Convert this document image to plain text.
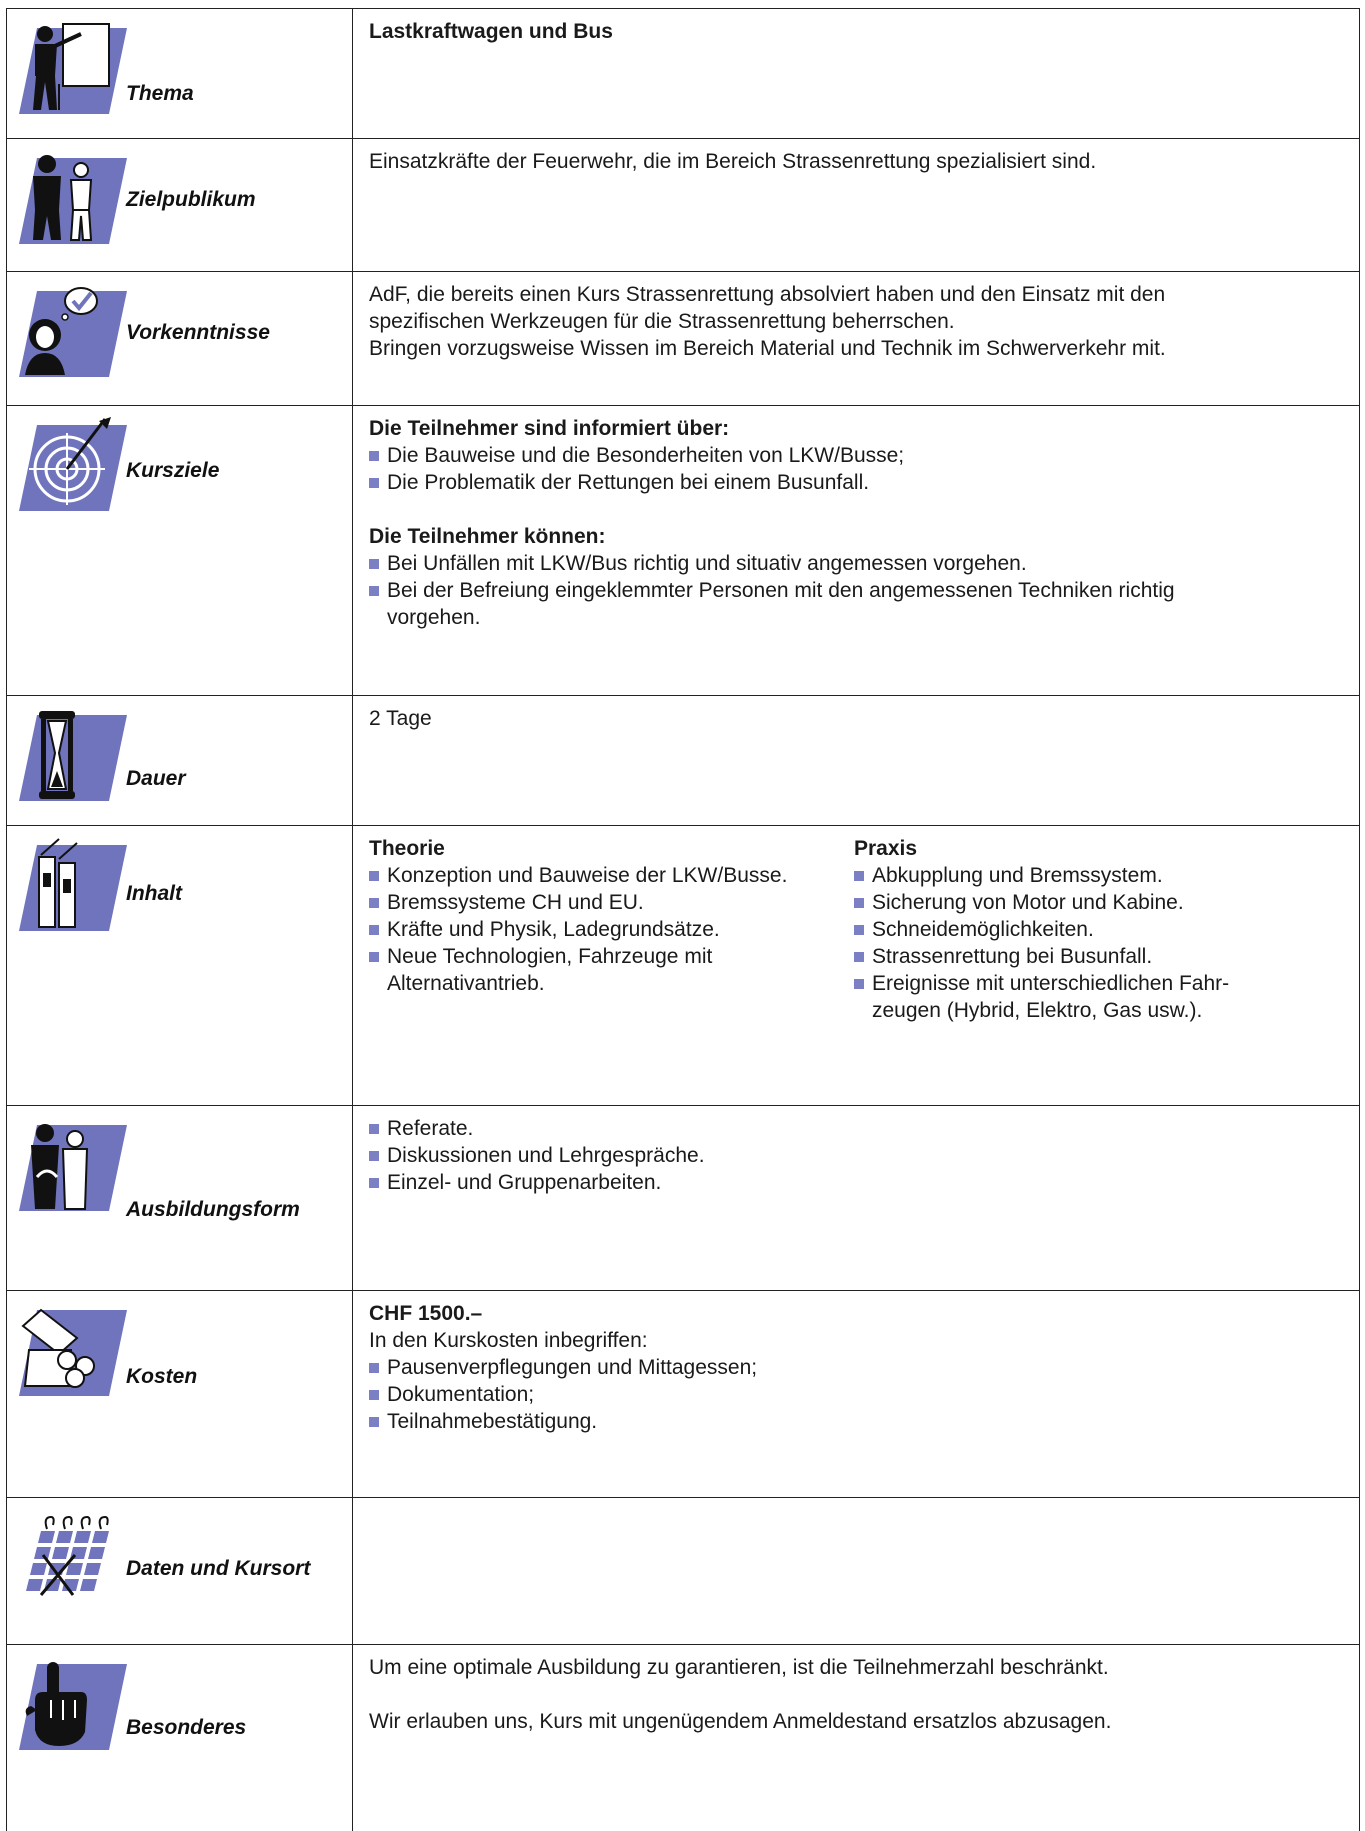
Thema
Lastkraftwagen und Bus
Zielpublikum
Einsatzkräfte der Feuerwehr, die im Bereich Strassenrettung spezialisiert sind.
Vorkenntnisse
AdF, die bereits einen Kurs Strassenrettung absolviert haben und den Einsatz mit den
spezifischen Werkzeugen für die Strassenrettung beherrschen.
Bringen vorzugsweise Wissen im Bereich Material und Technik im Schwerverkehr mit.
Kursziele
Die Teilnehmer sind informiert über:
Die Bauweise und die Besonderheiten von LKW/Busse;
Die Problematik der Rettungen bei einem Busunfall.
Die Teilnehmer können:
Bei Unfällen mit LKW/Bus richtig und situativ angemessen vorgehen.
Bei der Befreiung eingeklemmter Personen mit den angemessenen Techniken richtig vorgehen.
Dauer
2 Tage
Inhalt
Theorie
Konzeption und Bauweise der LKW/Busse.
Bremssysteme CH und EU.
Kräfte und Physik, Ladegrundsätze.
Neue Technologien, Fahrzeuge mit Alternativantrieb.
Praxis
Abkupplung und Bremssystem.
Sicherung von Motor und Kabine.
Schneidemöglichkeiten.
Strassenrettung bei Busunfall.
Ereignisse mit unterschiedlichen Fahr-zeugen (Hybrid, Elektro, Gas usw.).
Ausbildungsform
Referate.
Diskussionen und Lehrgespräche.
Einzel- und Gruppenarbeiten.
Kosten
CHF 1500.–
In den Kurskosten inbegriffen:
Pausenverpflegungen und Mittagessen;
Dokumentation;
Teilnahmebestätigung.
Daten und Kursort
Besonderes
Um eine optimale Ausbildung zu garantieren, ist die Teilnehmerzahl beschränkt.
Wir erlauben uns, Kurs mit ungenügendem Anmeldestand ersatzlos abzusagen.
